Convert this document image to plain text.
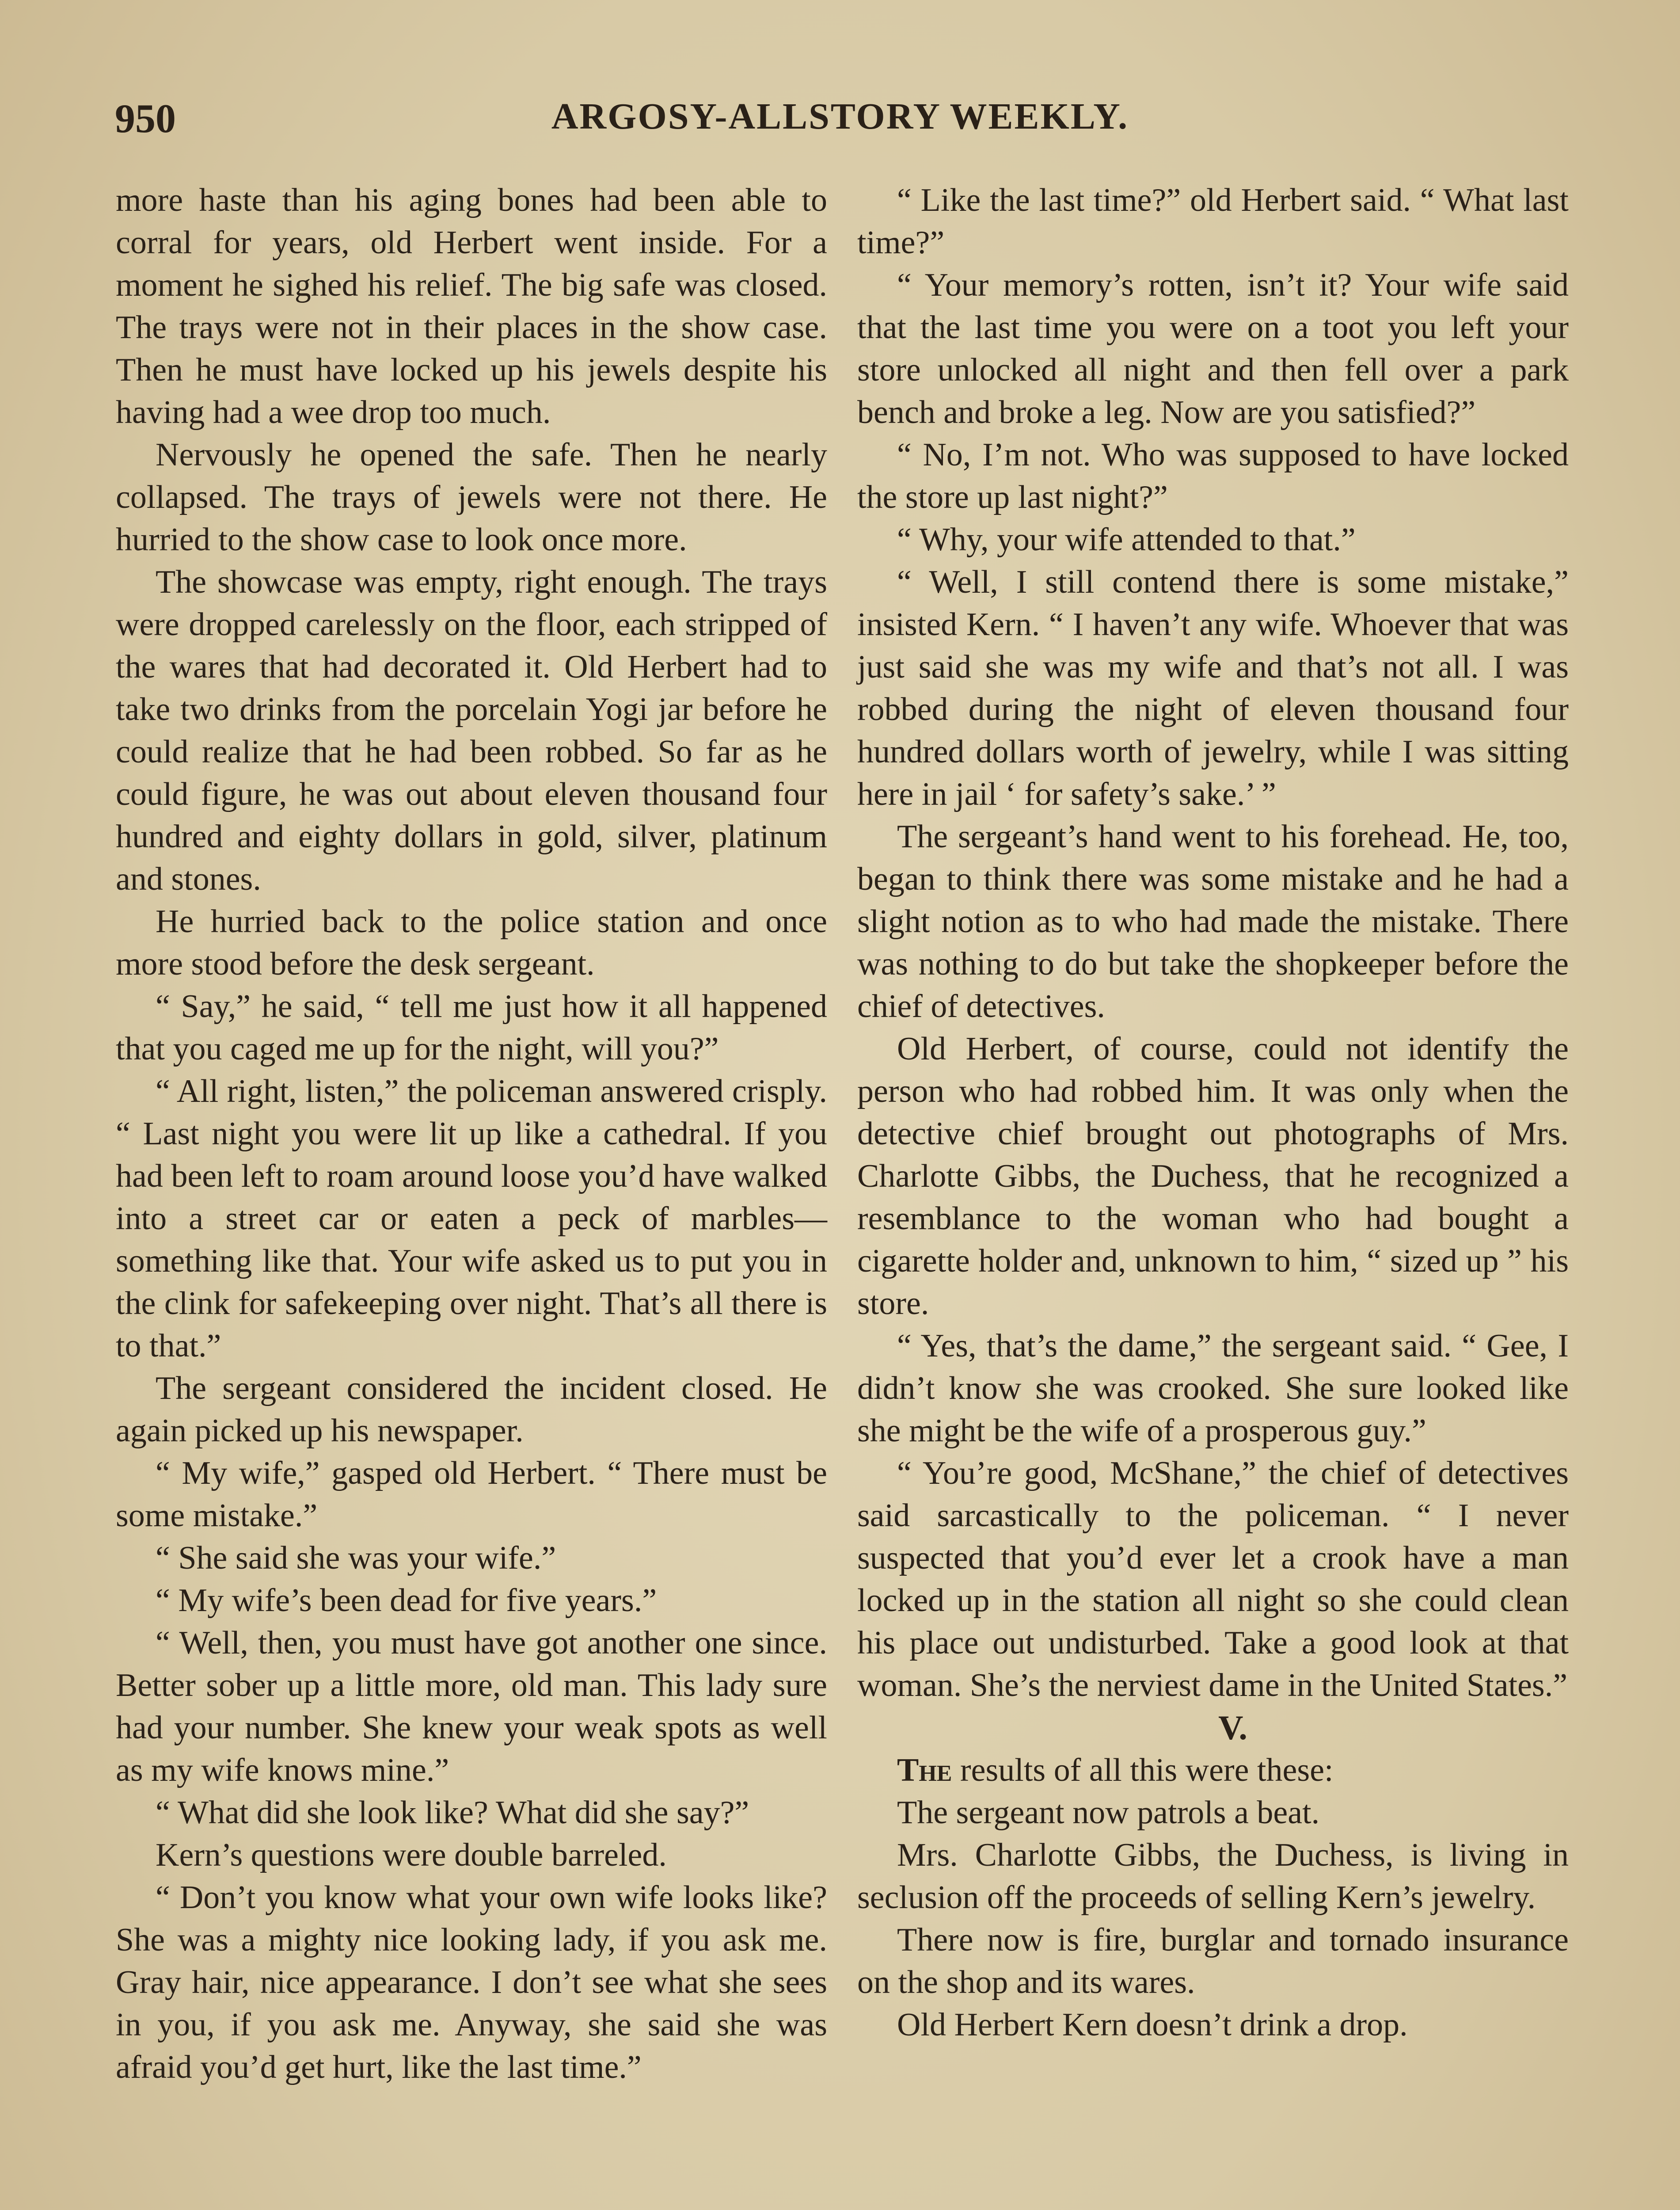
950	ARGOSY-ALLSTORY WEEKLY.

more haste than his aging bones had been able to corral for years, old Herbert went inside. For a moment he sighed his relief. The big safe was closed. The trays were not in their places in the show case. Then he must have locked up his jewels despite his having had a wee drop too much.

Nervously he opened the safe. Then he nearly collapsed. The trays of jewels were not there. He hurried to the show case to look once more.

The showcase was empty, right enough. The trays were dropped carelessly on the floor, each stripped of the wares that had decorated it. Old Herbert had to take two drinks from the porcelain Yogi jar before he could realize that he had been robbed. So far as he could figure, he was out about eleven thousand four hundred and eighty dollars in gold, silver, platinum and stones.

He hurried back to the police station and once more stood before the desk sergeant.

“ Say,” he said, “ tell me just how it all happened that you caged me up for the night, will you?”

“ All right, listen,” the policeman answered crisply. “ Last night you were lit up like a cathedral. If you had been left to roam around loose you’d have walked into a street car or eaten a peck of marbles—something like that. Your wife asked us to put you in the clink for safekeeping over night. That’s all there is to that.”

The sergeant considered the incident closed. He again picked up his newspaper.

“ My wife,” gasped old Herbert. “ There must be some mistake.”

“ She said she was your wife.”

“ My wife’s been dead for five years.”

“ Well, then, you must have got another one since. Better sober up a little more, old man. This lady sure had your number. She knew your weak spots as well as my wife knows mine.”

“ What did she look like? What did she say?”

Kern’s questions were double barreled.

“ Don’t you know what your own wife looks like? She was a mighty nice looking lady, if you ask me. Gray hair, nice appearance. I don’t see what she sees in you, if you ask me. Anyway, she said she was afraid you’d get hurt, like the last time.”

“ Like the last time?” old Herbert said. “ What last time?”

“ Your memory’s rotten, isn’t it? Your wife said that the last time you were on a toot you left your store unlocked all night and then fell over a park bench and broke a leg. Now are you satisfied?”

“ No, I’m not. Who was supposed to have locked the store up last night?”

“ Why, your wife attended to that.”

“ Well, I still contend there is some mistake,” insisted Kern. “ I haven’t any wife. Whoever that was just said she was my wife and that’s not all. I was robbed during the night of eleven thousand four hundred dollars worth of jewelry, while I was sitting here in jail ‘ for safety’s sake.’ ”

The sergeant’s hand went to his forehead. He, too, began to think there was some mistake and he had a slight notion as to who had made the mistake. There was nothing to do but take the shopkeeper before the chief of detectives.

Old Herbert, of course, could not identify the person who had robbed him. It was only when the detective chief brought out photographs of Mrs. Charlotte Gibbs, the Duchess, that he recognized a resemblance to the woman who had bought a cigarette holder and, unknown to him, “ sized up ” his store.

“ Yes, that’s the dame,” the sergeant said. “ Gee, I didn’t know she was crooked. She sure looked like she might be the wife of a prosperous guy.”

“ You’re good, McShane,” the chief of detectives said sarcastically to the policeman. “ I never suspected that you’d ever let a crook have a man locked up in the station all night so she could clean his place out undisturbed. Take a good look at that woman. She’s the nerviest dame in the United States.”

V.

The results of all this were these:

The sergeant now patrols a beat.

Mrs. Charlotte Gibbs, the Duchess, is living in seclusion off the proceeds of selling Kern’s jewelry.

There now is fire, burglar and tornado insurance on the shop and its wares.

Old Herbert Kern doesn’t drink a drop.
